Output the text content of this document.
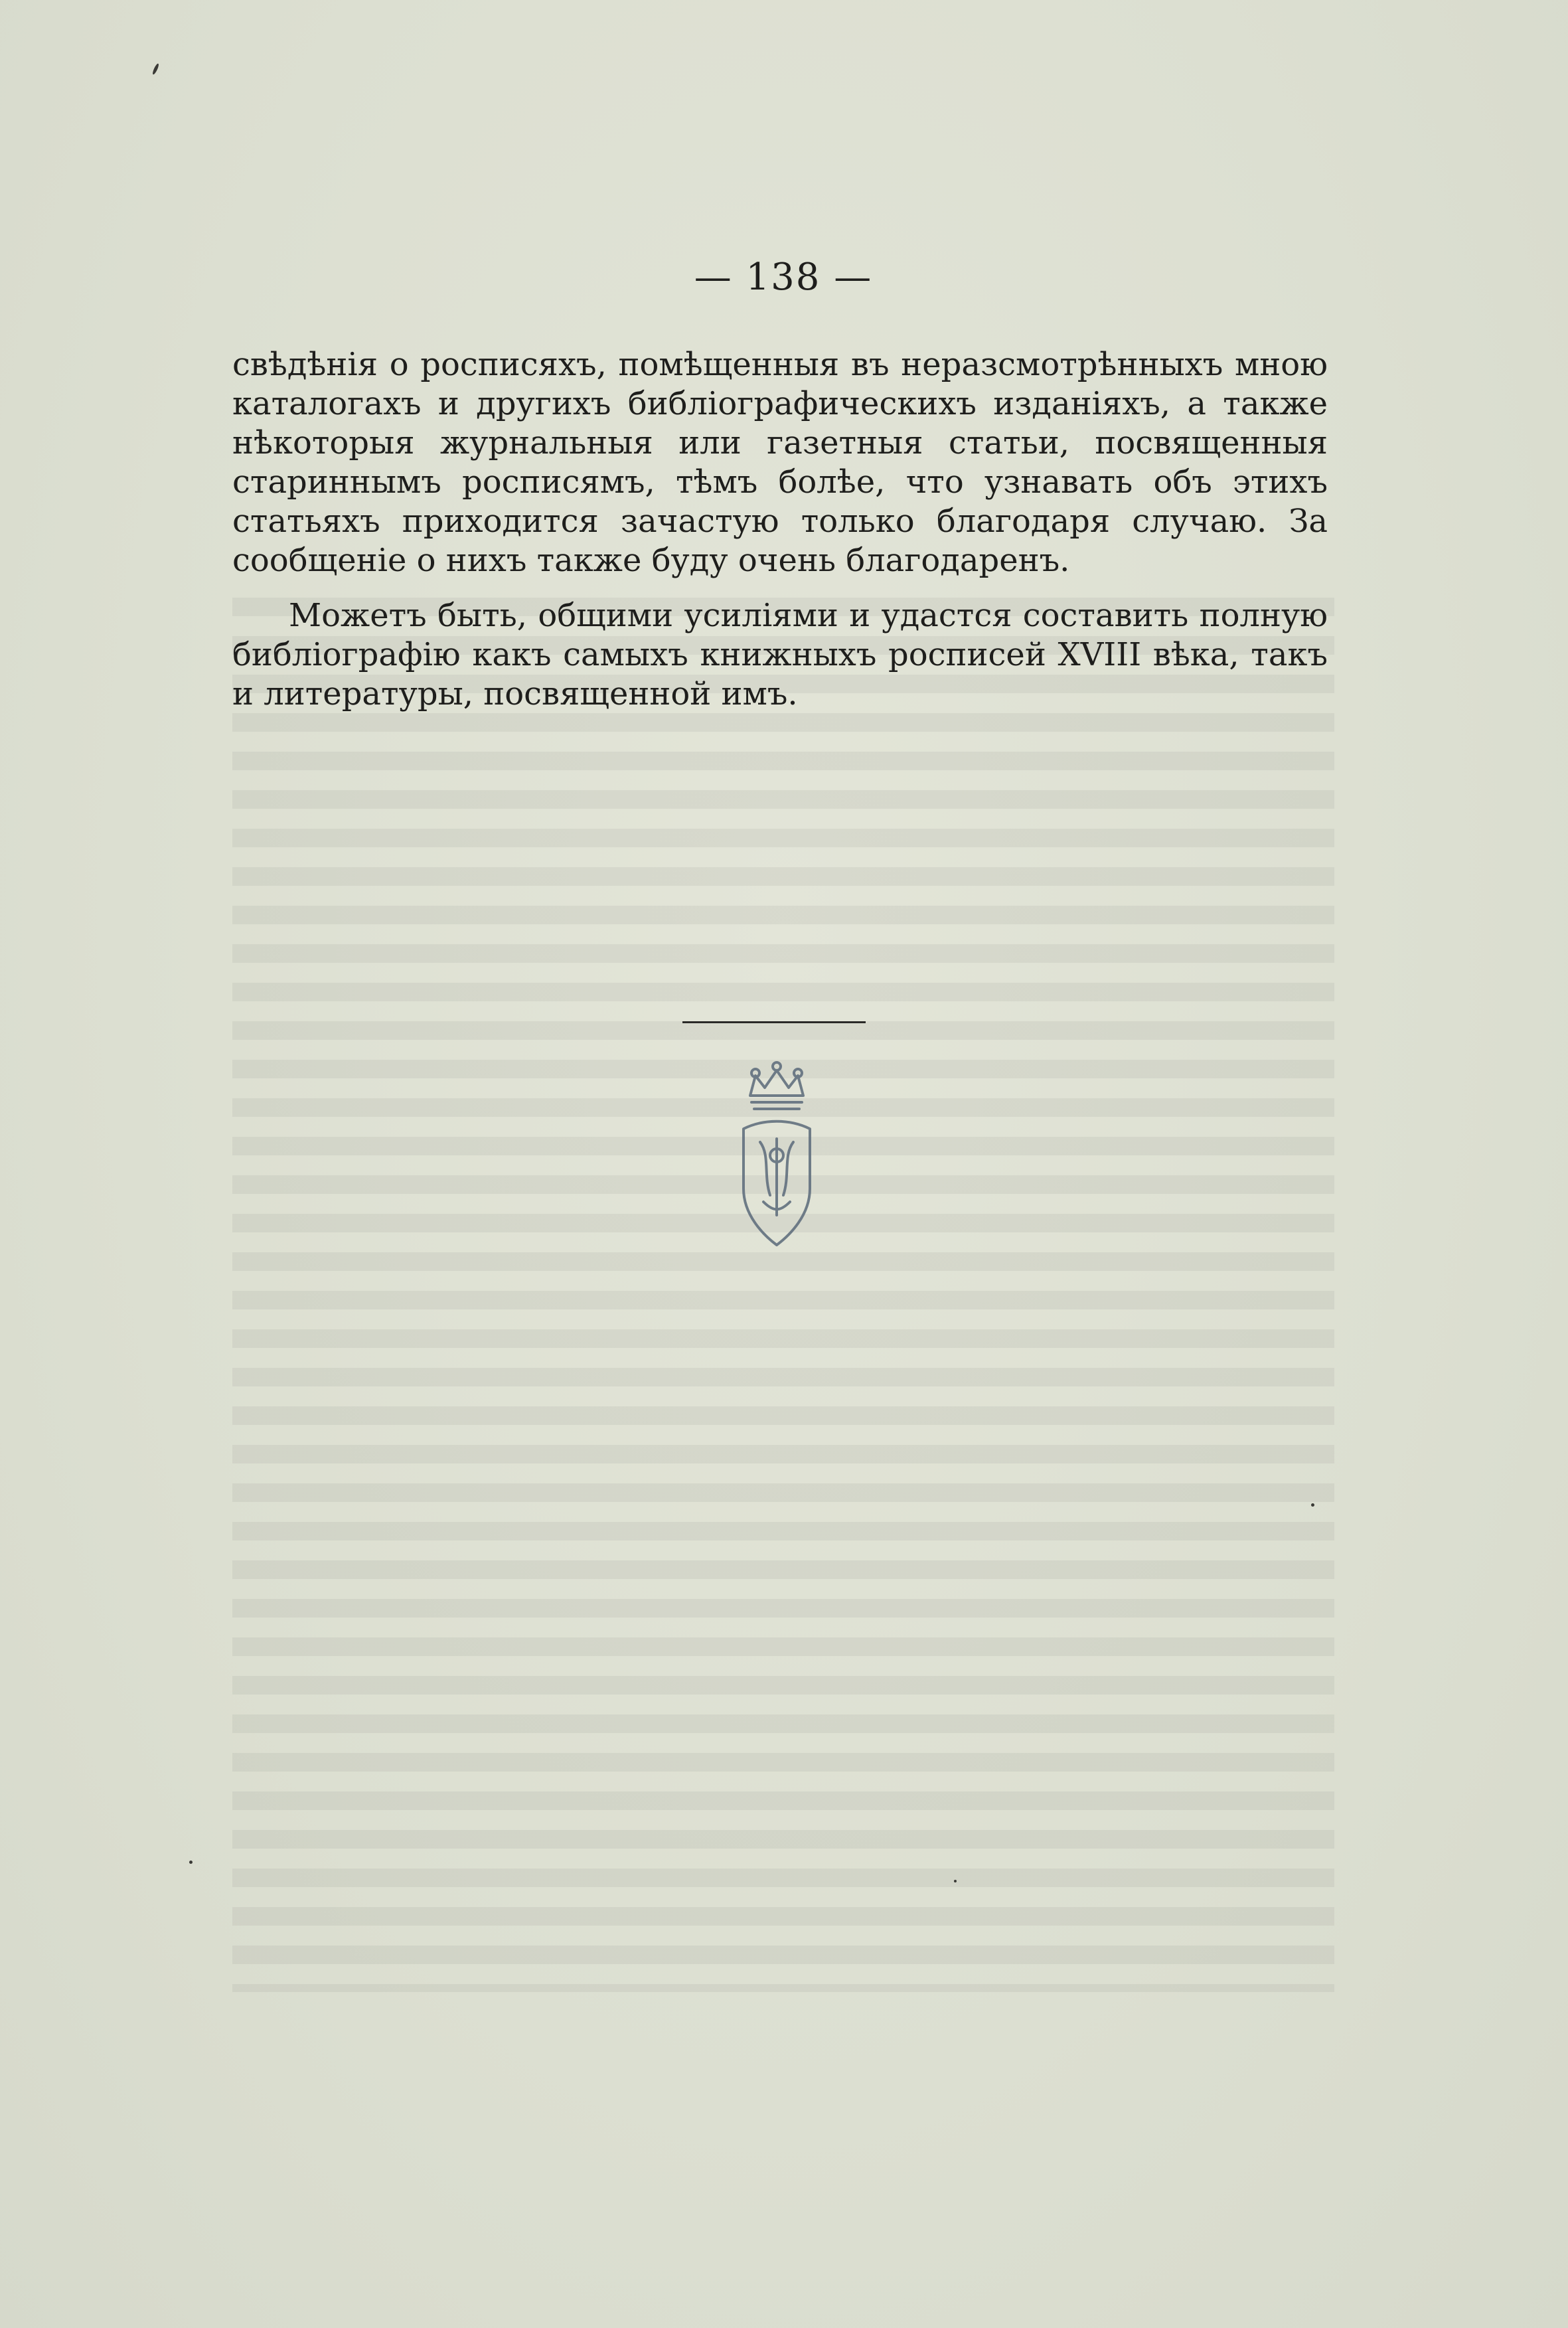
— 138 —

свѣдѣнія о росписяхъ, помѣщенныя въ неразсмотрѣнныхъ мною каталогахъ и другихъ библіографическихъ изданіяхъ, а также нѣкоторыя журнальныя или газетныя статьи, посвященныя стариннымъ росписямъ, тѣмъ болѣе, что узнавать объ этихъ статьяхъ приходится зачастую только благодаря случаю. За сообщеніе о нихъ также буду очень благодаренъ.

Можетъ быть, общими усиліями и удастся составить полную библіографію какъ самыхъ книжныхъ росписей XVIII вѣка, такъ и литературы, посвященной имъ.
